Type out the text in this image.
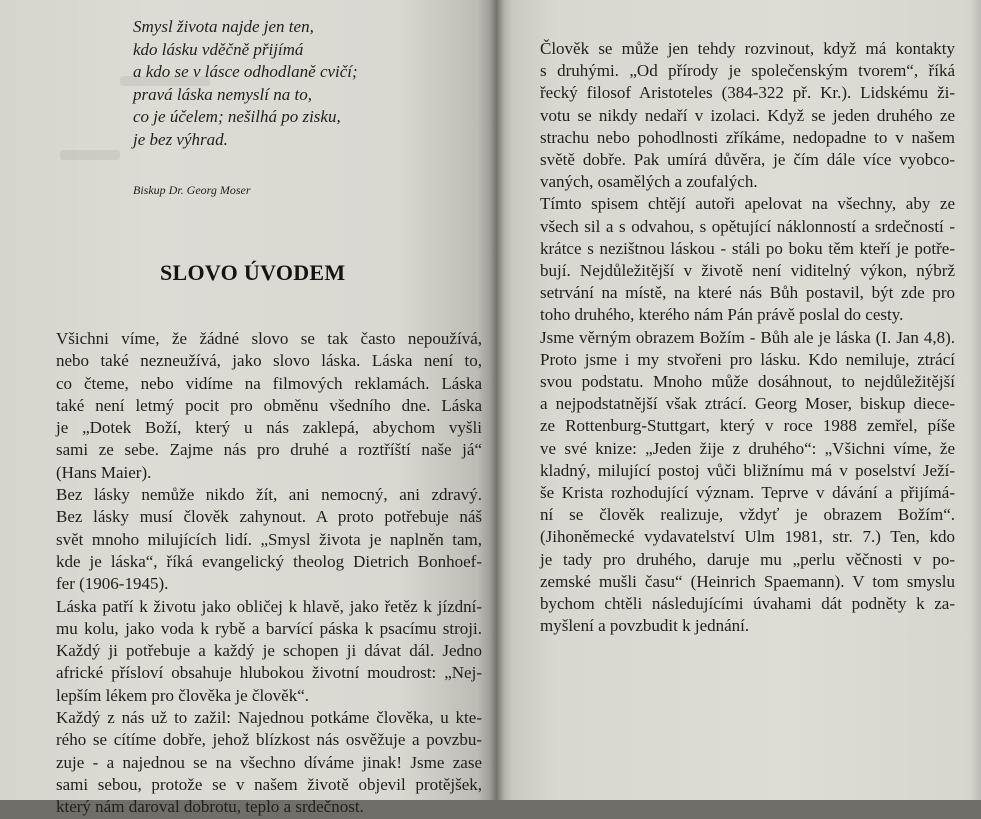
Smysl života najde jen ten,
kdo lásku vděčně přijímá
a kdo se v lásce odhodlaně cvičí;
pravá láska nemyslí na to,
co je účelem; nešilhá po zisku,
je bez výhrad.
Biskup Dr. Georg Moser
SLOVO ÚVODEM
Všichni víme, že žádné slovo se tak často nepoužívá,
nebo také nezneužívá, jako slovo láska. Láska není to,
co čteme, nebo vidíme na filmových reklamách. Láska
také není letmý pocit pro obměnu všedního dne. Láska
je „Dotek Boží, který u nás zaklepá, abychom vyšli
sami ze sebe. Zajme nás pro druhé a roztříští naše já“
(Hans Maier).
Bez lásky nemůže nikdo žít, ani nemocný, ani zdravý.
Bez lásky musí člověk zahynout. A proto potřebuje náš
svět mnoho milujících lidí. „Smysl života je naplněn tam,
kde je láska“, říká evangelický theolog Dietrich Bonhoef-
fer (1906-1945).
Láska patří k životu jako obličej k hlavě, jako řetěz k jízdní-
mu kolu, jako voda k rybě a barvící páska k psacímu stroji.
Každý ji potřebuje a každý je schopen ji dávat dál. Jedno
africké přísloví obsahuje hlubokou životní moudrost: „Nej-
lepším lékem pro člověka je člověk“.
Každý z nás už to zažil: Najednou potkáme člověka, u kte-
rého se cítíme dobře, jehož blízkost nás osvěžuje a povzbu-
zuje - a najednou se na všechno díváme jinak! Jsme zase
sami sebou, protože se v našem životě objevil protějšek,
který nám daroval dobrotu, teplo a srdečnost.
Člověk se může jen tehdy rozvinout, když má kontakty
s druhými. „Od přírody je společenským tvorem“, říká
řecký filosof Aristoteles (384-322 př. Kr.). Lidskému ži-
votu se nikdy nedaří v izolaci. Když se jeden druhého ze
strachu nebo pohodlnosti zříkáme, nedopadne to v našem
světě dobře. Pak umírá důvěra, je čím dále více vyobco-
vaných, osamělých a zoufalých.
Tímto spisem chtějí autoři apelovat na všechny, aby ze
všech sil a s odvahou, s opětující náklonností a srdečností -
krátce s nezištnou láskou - stáli po boku těm kteří je potře-
bují. Nejdůležitější v životě není viditelný výkon, nýbrž
setrvání na místě, na které nás Bůh postavil, být zde pro
toho druhého, kterého nám Pán právě poslal do cesty.
Jsme věrným obrazem Božím - Bůh ale je láska (I. Jan 4,8).
Proto jsme i my stvořeni pro lásku. Kdo nemiluje, ztrácí
svou podstatu. Mnoho může dosáhnout, to nejdůležitější
a nejpodstatnější však ztrácí. Georg Moser, biskup diece-
ze Rottenburg-Stuttgart, který v roce 1988 zemřel, píše
ve své knize: „Jeden žije z druhého“: „Všichni víme, že
kladný, milující postoj vůči bližnímu má v poselství Ježí-
še Krista rozhodující význam. Teprve v dávání a přijímá-
ní se člověk realizuje, vždyť je obrazem Božím“.
(Jihoněmecké vydavatelství Ulm 1981, str. 7.) Ten, kdo
je tady pro druhého, daruje mu „perlu věčnosti v po-
zemské mušli času“ (Heinrich Spaemann). V tom smyslu
bychom chtěli následujícími úvahami dát podněty k za-
myšlení a povzbudit k jednání.
